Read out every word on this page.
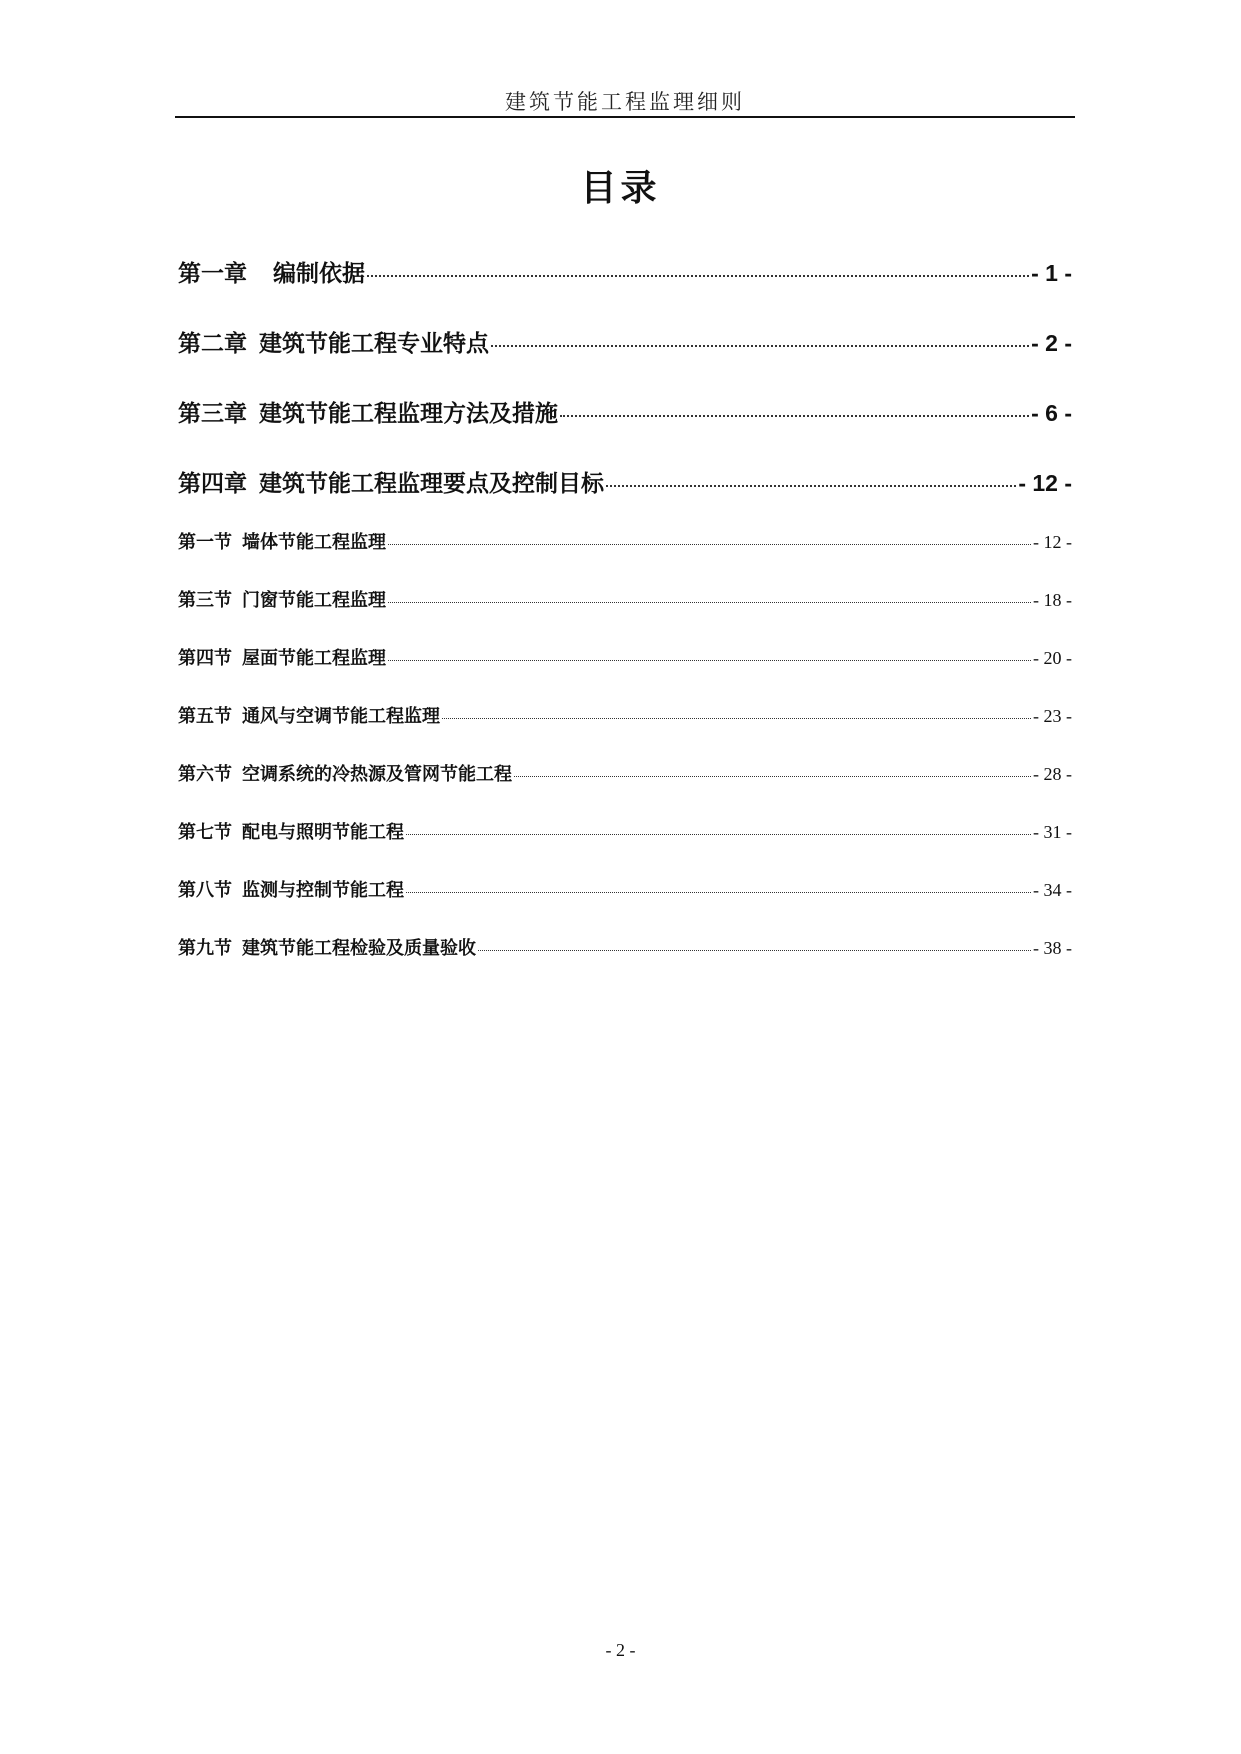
建筑节能工程监理细则
目录
第一章 编制依据	- 1 -
第二章 建筑节能工程专业特点	- 2 -
第三章 建筑节能工程监理方法及措施	- 6 -
第四章 建筑节能工程监理要点及控制目标	- 12 -
第一节 墙体节能工程监理	- 12 -
第三节 门窗节能工程监理	- 18 -
第四节 屋面节能工程监理	- 20 -
第五节 通风与空调节能工程监理	- 23 -
第六节 空调系统的冷热源及管网节能工程	- 28 -
第七节 配电与照明节能工程	- 31 -
第八节 监测与控制节能工程	- 34 -
第九节 建筑节能工程检验及质量验收	- 38 -
- 2 -
